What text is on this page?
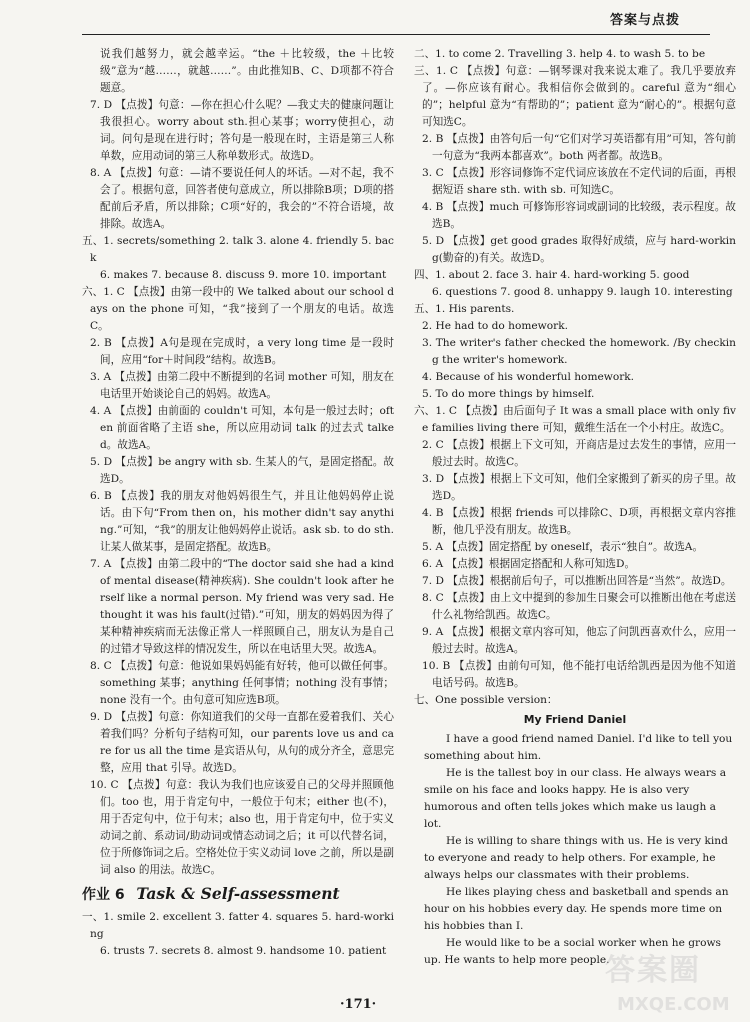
答案与点拨

说我们越努力，就会越幸运。“the ＋比较级，the ＋比较级”意为“越……，就越……”。由此推知B、C、D项都不符合题意。

7. D 【点拨】句意：—你在担心什么呢？—我丈夫的健康问题让我很担心。worry about sth.担心某事；worry使担心，动词。问句是现在进行时；答句是一般现在时，主语是第三人称单数，应用动词的第三人称单数形式。故选D。

8. A 【点拨】句意：—请不要说任何人的坏话。—对不起，我不会了。根据句意，回答者使句意成立，所以排除B项；D项的搭配前后矛盾，所以排除；C项“好的，我会的”不符合语境，故排除。故选A。

五、1. secrets/something 2. talk 3. alone 4. friendly 5. back

6. makes 7. because 8. discuss 9. more 10. important

六、1. C 【点拨】由第一段中的 We talked about our school days on the phone 可知，“我”接到了一个朋友的电话。故选C。

2. B 【点拨】A句是现在完成时，a very long time 是一段时间，应用“for＋时间段”结构。故选B。

3. A 【点拨】由第二段中不断提到的名词 mother 可知，朋友在电话里开始谈论自己的妈妈。故选A。

4. A 【点拨】由前面的 couldn't 可知，本句是一般过去时；often 前面省略了主语 she，所以应用动词 talk 的过去式 talked。故选A。

5. D 【点拨】be angry with sb. 生某人的气，是固定搭配。故选D。

6. B 【点拨】我的朋友对他妈妈很生气，并且让他妈妈停止说话。由下句“From then on，his mother didn't say anything.”可知，“我”的朋友让他妈妈停止说话。ask sb. to do sth. 让某人做某事，是固定搭配。故选B。

7. A 【点拨】由第二段中的“The doctor said she had a kind of mental disease(精神疾病). She couldn't look after herself like a normal person. My friend was very sad. He thought it was his fault(过错).”可知，朋友的妈妈因为得了某种精神疾病而无法像正常人一样照顾自己，朋友认为是自己的过错才导致这样的情况发生，所以在电话里大哭。故选A。

8. C 【点拨】句意：他说如果妈妈能有好转，他可以做任何事。something 某事；anything 任何事情；nothing 没有事情；none 没有一个。由句意可知应选B项。

9. D 【点拨】句意：你知道我们的父母一直都在爱着我们、关心着我们吗？分析句子结构可知，our parents love us and care for us all the time 是宾语从句，从句的成分齐全，意思完整，应用 that 引导。故选D。

10. C 【点拨】句意：我认为我们也应该爱自己的父母并照顾他们。too 也，用于肯定句中，一般位于句末；either 也(不)，用于否定句中，位于句末；also 也，用于肯定句中，位于实义动词之前、系动词/助动词或情态动词之后；it 可以代替名词，位于所修饰词之后。空格处位于实义动词 love 之前，所以是副词 also 的用法。故选C。

作业 6 Task & Self-assessment

一、1. smile 2. excellent 3. fatter 4. squares 5. hard-working

6. trusts 7. secrets 8. almost 9. handsome 10. patient

二、1. to come 2. Travelling 3. help 4. to wash 5. to be

三、1. C 【点拨】句意：—钢琴课对我来说太难了。我几乎要放弃了。—你应该有耐心。我相信你会做到的。careful 意为“细心的”；helpful 意为“有帮助的”；patient 意为“耐心的”。根据句意可知选C。

2. B 【点拨】由答句后一句“它们对学习英语都有用”可知，答句前一句意为“我两本都喜欢”。both 两者都。故选B。

3. C 【点拨】形容词修饰不定代词应该放在不定代词的后面，再根据短语 share sth. with sb. 可知选C。

4. B 【点拨】much 可修饰形容词或副词的比较级，表示程度。故选B。

5. D 【点拨】get good grades 取得好成绩，应与 hard-working(勤奋的)有关。故选D。

四、1. about 2. face 3. hair 4. hard-working 5. good

6. questions 7. good 8. unhappy 9. laugh 10. interesting

五、1. His parents.

2. He had to do homework.

3. The writer's father checked the homework. /By checking the writer's homework.

4. Because of his wonderful homework.

5. To do more things by himself.

六、1. C 【点拨】由后面句子 It was a small place with only five families living there 可知，戴维生活在一个小村庄。故选C。

2. C 【点拨】根据上下文可知，开商店是过去发生的事情，应用一般过去时。故选C。

3. D 【点拨】根据上下文可知，他们全家搬到了新买的房子里。故选D。

4. B 【点拨】根据 friends 可以排除C、D项，再根据文章内容推断，他几乎没有朋友。故选B。

5. A 【点拨】固定搭配 by oneself，表示“独自”。故选A。

6. A 【点拨】根据固定搭配和人称可知选D。

7. D 【点拨】根据前后句子，可以推断出回答是“当然”。故选D。

8. C 【点拨】由上文中提到的参加生日聚会可以推断出他在考虑送什么礼物给凯西。故选C。

9. A 【点拨】根据文章内容可知，他忘了问凯西喜欢什么，应用一般过去时。故选A。

10. B 【点拨】由前句可知，他不能打电话给凯西是因为他不知道电话号码。故选B。

七、One possible version：

My Friend Daniel

I have a good friend named Daniel. I'd like to tell you something about him.

He is the tallest boy in our class. He always wears a smile on his face and looks happy. He is also very humorous and often tells jokes which make us laugh a lot.

He is willing to share things with us. He is very kind to everyone and ready to help others. For example, he always helps our classmates with their problems.

He likes playing chess and basketball and spends an hour on his hobbies every day. He spends more time on his hobbies than I.

He would like to be a social worker when he grows up. He wants to help more people.

·171·
答案圈
MXQE.COM
